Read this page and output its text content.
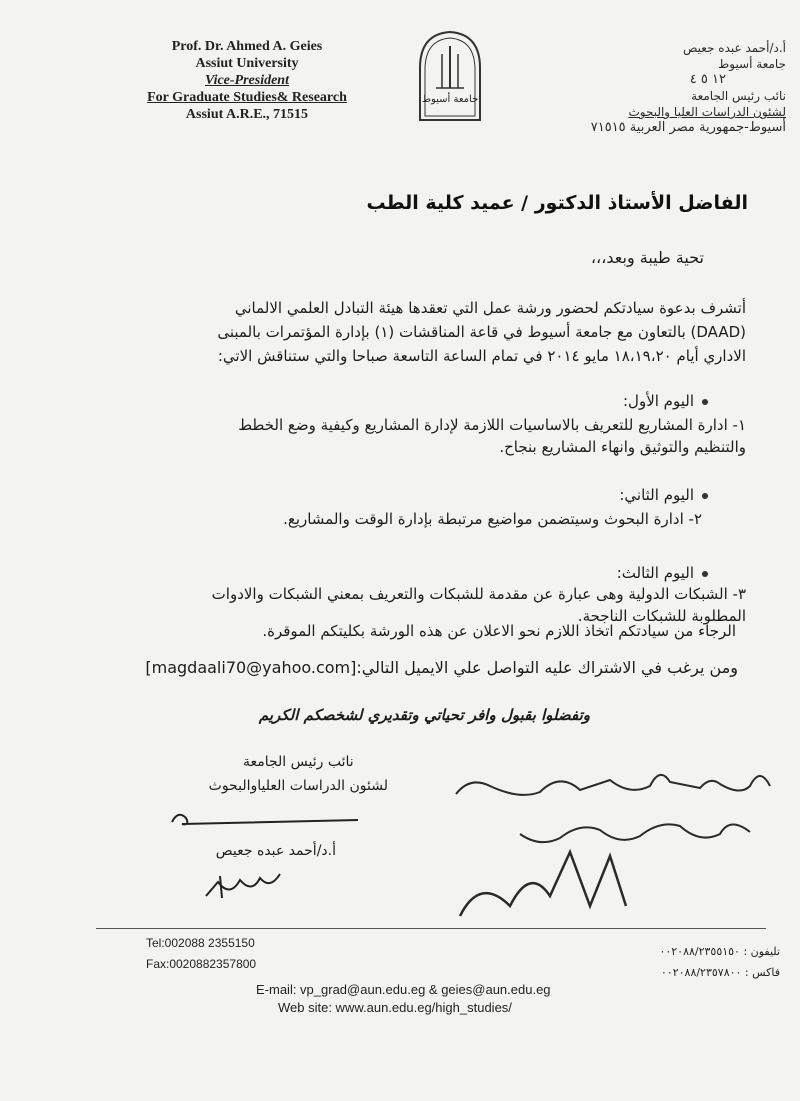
Prof. Dr. Ahmed A. Geies
Assiut University
Vice-President
For Graduate Studies& Research
Assiut A.R.E., 71515
جامعة أسيوط
أ.د/أحمد عبده جعيص
جامعة أسيوط
١٢ ٥ ٤
نائب رئيس الجامعة
لشئون الدراسات العليا والبحوث
أسيوط-جمهورية مصر العربية ٧١٥١٥
الفاضل الأستاذ الدكتور / عميد كلية الطب
تحية طيبة وبعد،،،
أتشرف بدعوة سيادتكم لحضور ورشة عمل التي تعقدها هيئة التبادل العلمي الالماني
(DAAD) بالتعاون مع جامعة أسيوط في قاعة المناقشات (١) بإدارة المؤتمرات بالمبنى
الاداري أيام ١٨،١٩،٢٠ مايو ٢٠١٤ في تمام الساعة التاسعة صباحا والتي ستناقش الاتي:
اليوم الأول:
١- ادارة المشاريع للتعريف بالاساسيات اللازمة لإدارة المشاريع وكيفية وضع الخطط
والتنظيم والتوثيق وانهاء المشاريع بنجاح.
اليوم الثاني:
٢- ادارة البحوث وسيتضمن مواضيع مرتبطة بإدارة الوقت والمشاريع.
اليوم الثالث:
٣- الشبكات الدولية وهى عبارة عن مقدمة للشبكات والتعريف بمعني الشبكات والادوات
المطلوبة للشبكات الناجحة.
الرجاء من سيادتكم اتخاذ اللازم نحو الاعلان عن هذه الورشة بكليتكم الموقرة.
ومن يرغب في الاشتراك عليه التواصل علي الايميل التالي:[magdaali70@yahoo.com]
وتفضلوا بقبول وافر تحياتي وتقديري لشخصكم الكريم
نائب رئيس الجامعة
لشئون الدراسات العلياوالبحوث
أ.د/أحمد عبده جعيص
Tel:002088 2355150
Fax:0020882357800
E-mail: vp_grad@aun.edu.eg & geies@aun.edu.eg
Web site: www.aun.edu.eg/high_studies/
تليفون : ٠٠٢٠٨٨/٢٣٥٥١٥٠
فاكس : ٠٠٢٠٨٨/٢٣٥٧٨٠٠
